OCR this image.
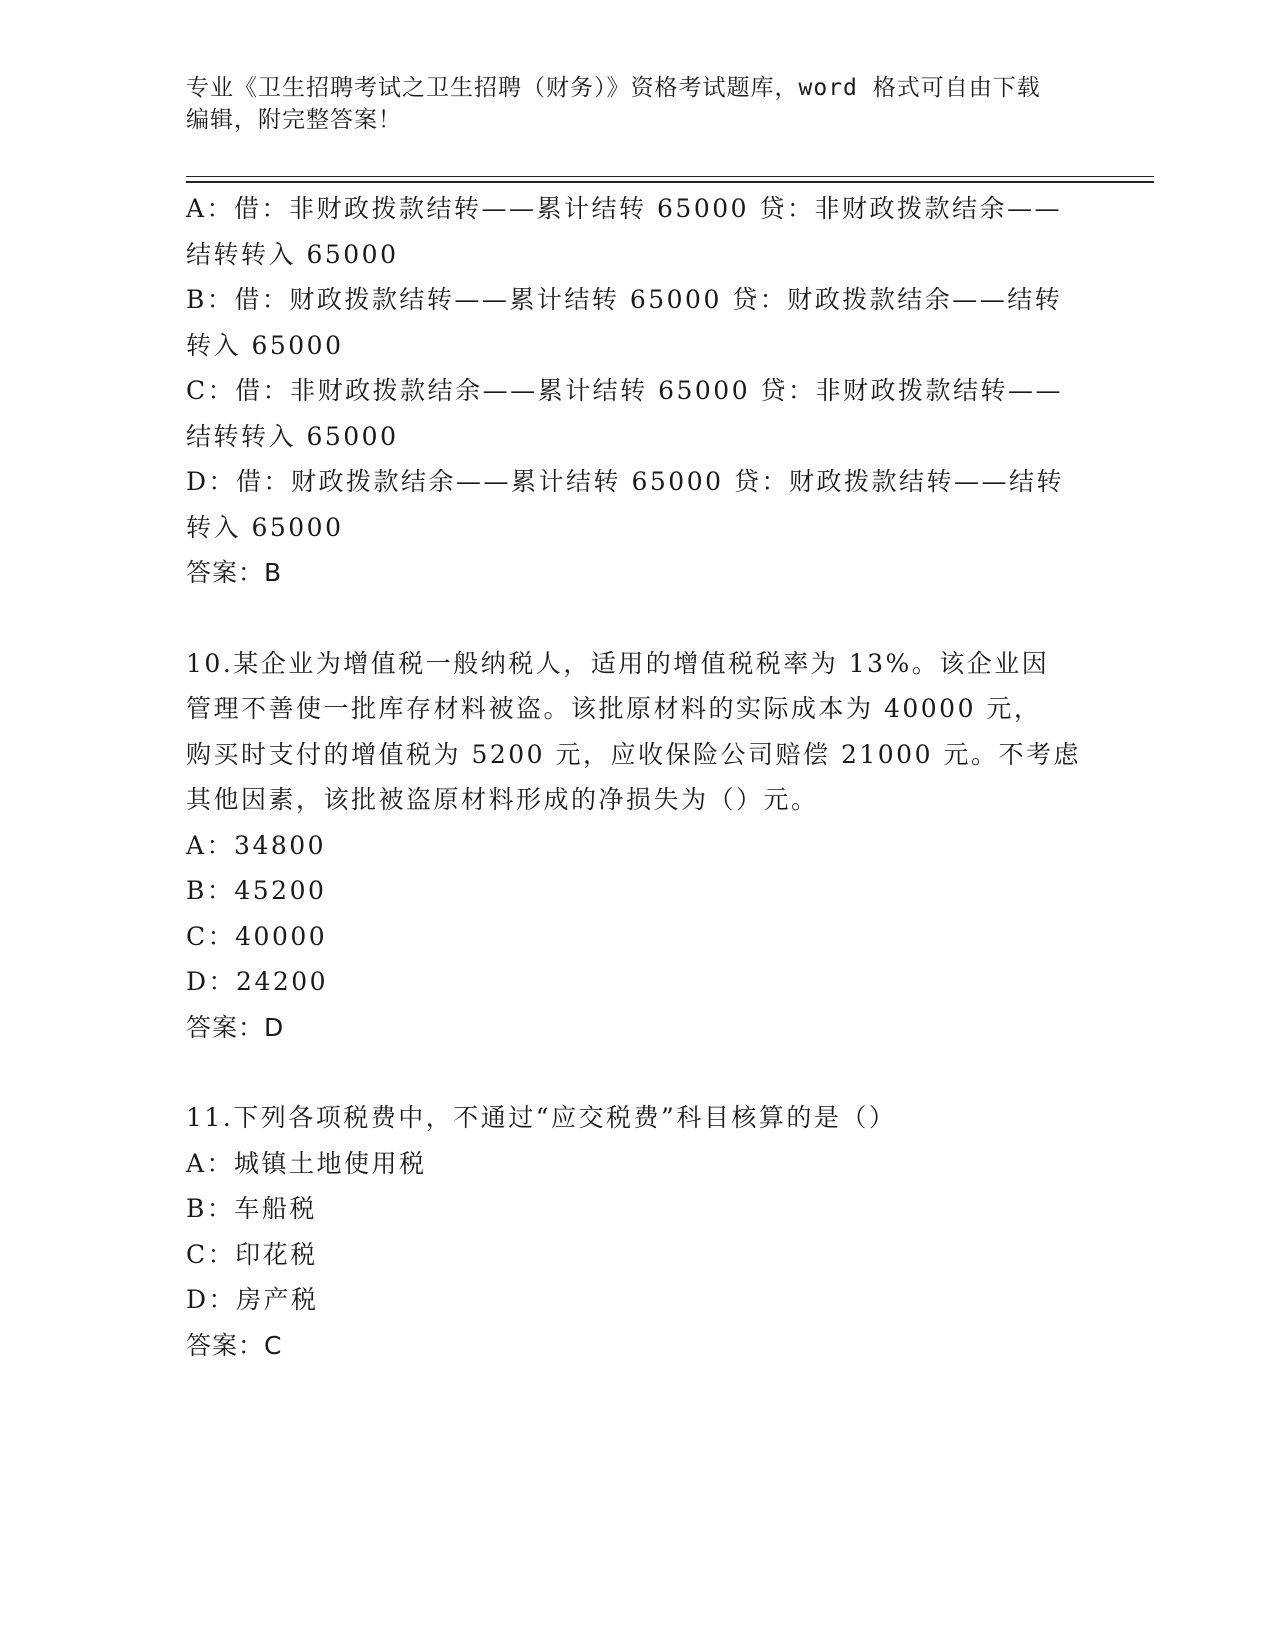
专业《卫生招聘考试之卫生招聘（财务）》资格考试题库，word 格式可自由下载
编辑，附完整答案！
A：借：非财政拨款结转——累计结转 65000 贷：非财政拨款结余——
结转转入 65000
B：借：财政拨款结转——累计结转 65000 贷：财政拨款结余——结转
转入 65000
C：借：非财政拨款结余——累计结转 65000 贷：非财政拨款结转——
结转转入 65000
D：借：财政拨款结余——累计结转 65000 贷：财政拨款结转——结转
转入 65000
答案：B
10.某企业为增值税一般纳税人，适用的增值税税率为 13%。该企业因
管理不善使一批库存材料被盗。该批原材料的实际成本为 40000 元，
购买时支付的增值税为 5200 元，应收保险公司赔偿 21000 元。不考虑
其他因素，该批被盗原材料形成的净损失为（）元。
A：34800
B：45200
C：40000
D：24200
答案：D
11.下列各项税费中，不通过“应交税费”科目核算的是（）
A：城镇土地使用税
B：车船税
C：印花税
D：房产税
答案：C
